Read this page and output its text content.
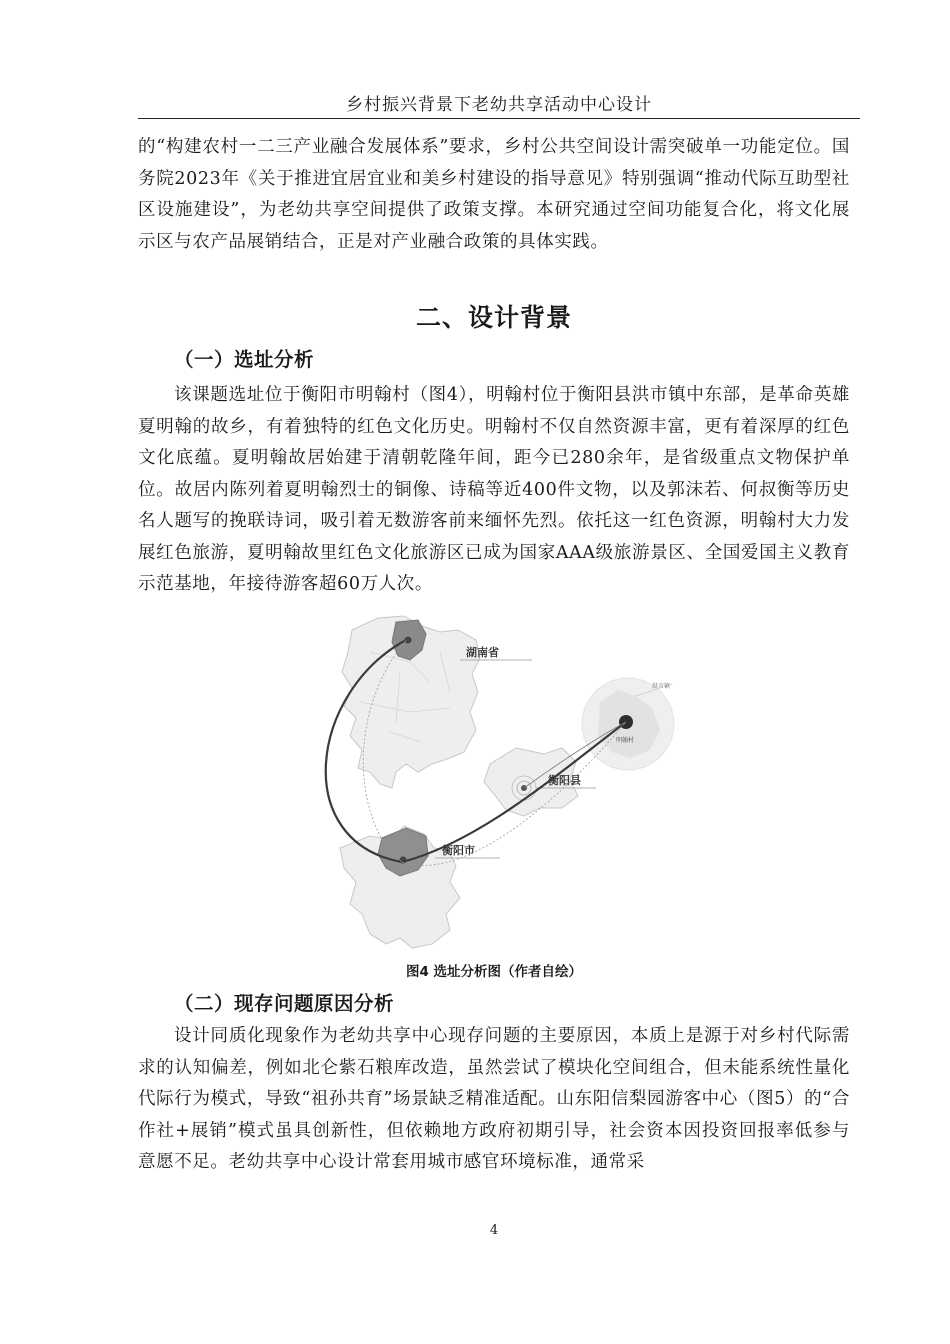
乡村振兴背景下老幼共享活动中心设计

的“构建农村一二三产业融合发展体系”要求，乡村公共空间设计需突破单一功能定位。国务院2023年《关于推进宜居宜业和美乡村建设的指导意见》特别强调“推动代际互助型社区设施建设”，为老幼共享空间提供了政策支撑。本研究通过空间功能复合化，将文化展示区与农产品展销结合，正是对产业融合政策的具体实践。

二、设计背景
（一）选址分析

该课题选址位于衡阳市明翰村（图4），明翰村位于衡阳县洪市镇中东部，是革命英雄夏明翰的故乡，有着独特的红色文化历史。明翰村不仅自然资源丰富，更有着深厚的红色文化底蕴。夏明翰故居始建于清朝乾隆年间，距今已280余年，是省级重点文物保护单位。故居内陈列着夏明翰烈士的铜像、诗稿等近400件文物，以及郭沫若、何叔衡等历史名人题写的挽联诗词，吸引着无数游客前来缅怀先烈。依托这一红色资源，明翰村大力发展红色旅游，夏明翰故里红色文化旅游区已成为国家AAA级旅游景区、全国爱国主义教育示范基地，年接待游客超60万人次。

湖南省
衡阳市
衡阳县
洪市镇
明翰村

图4 选址分析图（作者自绘）

（二）现存问题原因分析

设计同质化现象作为老幼共享中心现存问题的主要原因，本质上是源于对乡村代际需求的认知偏差，例如北仑紫石粮库改造，虽然尝试了模块化空间组合，但未能系统性量化代际行为模式，导致“祖孙共育”场景缺乏精准适配。山东阳信梨园游客中心（图5）的“合作社+展销”模式虽具创新性，但依赖地方政府初期引导，社会资本因投资回报率低参与意愿不足。老幼共享中心设计常套用城市感官环境标准，通常采

4
